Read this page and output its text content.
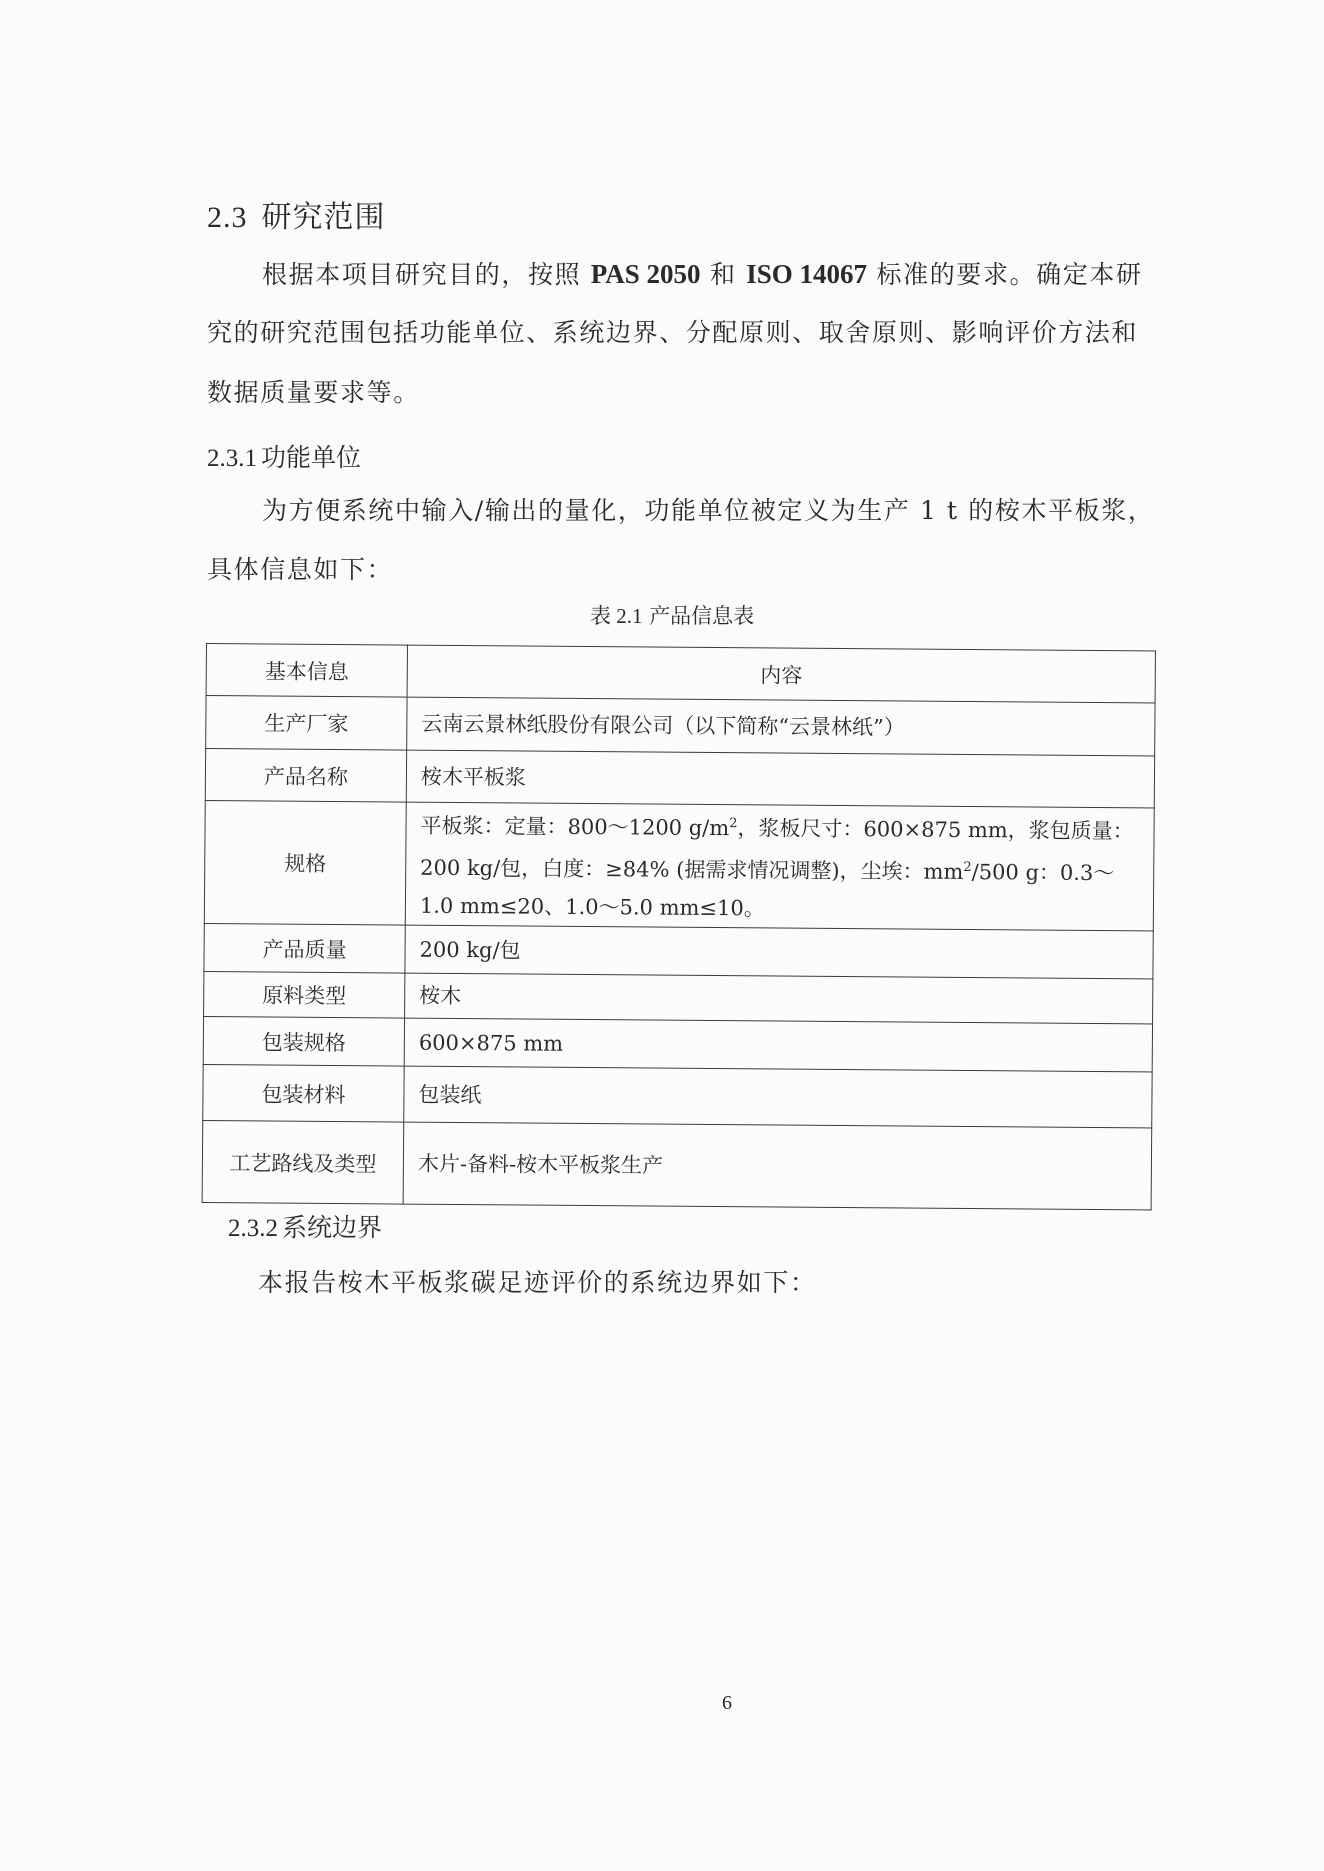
2.3 研究范围
根据本项目研究目的，按照 PAS 2050 和 ISO 14067 标准的要求。确定本研
究的研究范围包括功能单位、系统边界、分配原则、取舍原则、影响评价方法和
数据质量要求等。
2.3.1 功能单位
为方便系统中输入/输出的量化，功能单位被定义为生产 1 t 的桉木平板浆，
具体信息如下：
表 2.1 产品信息表
基本信息	内容
生产厂家	云南云景林纸股份有限公司（以下简称“云景林纸”）
产品名称	桉木平板浆
规格	平板浆：定量：800～1200 $g/m^2$，浆板尺寸：600×875 mm，浆包质量：
200 kg/包，白度：≥84% (据需求情况调整)，尘埃：$mm^2/500$ g：0.3～
1.0 mm≤20、1.0～5.0 mm≤10。

产品质量	200 kg/包
原料类型	桉木
包装规格	600×875 mm
包装材料	包装纸
工艺路线及类型	木片-备料-桉木平板浆生产
2.3.2 系统边界
本报告桉木平板浆碳足迹评价的系统边界如下：
6
